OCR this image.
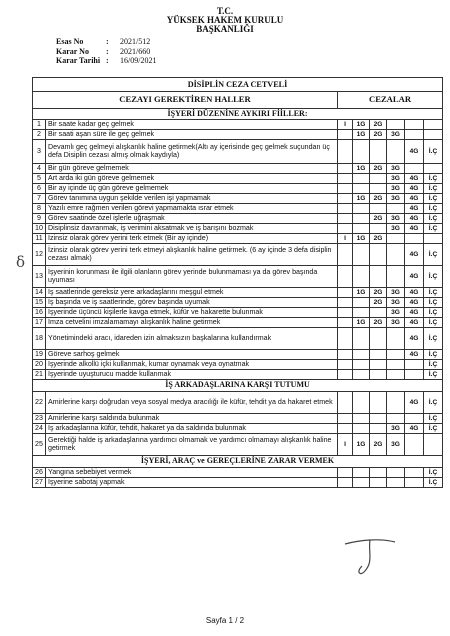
T.C.
YÜKSEK HAKEM KURULU
BAŞKANLIĞI
Esas No	: 2021/512
Karar No : 2021/660
Karar Tarihi : 16/09/2021
DİSİPLİN CEZA CETVELİ							
CEZAYI GEREKTİREN HALLER		CEZALAR					
İŞYERİ DÜZENİNE AYKIRI FİİLLER:							
1	Bir saate kadar geç gelmek	I	1G	2G			
2	Bir saati aşan süre ile geç gelmek		1G	2G	3G		
3	Devamlı geç gelmeyi alışkanlık haline getirmek(Altı ay içerisinde geç gelmek suçundan üç defa Disiplin cezası almış olmak kaydıyla)					4G	İ.Ç
4	Bir gün göreve gelmemek		1G	2G	3G		
5	Art arda iki gün göreve gelmemek				3G	4G	İ.Ç
6	Bir ay içinde üç gün göreve gelmemek				3G	4G	İ.Ç
7	Görev tanımına uygun şekilde verilen işi yapmamak		1G	2G	3G	4G	İ.Ç
8	Yazılı emre rağmen verilen görevi yapmamakta ısrar etmek					4G	İ.Ç
9	Görev saatinde özel işlerle uğraşmak			2G	3G	4G	İ.Ç
10	Disiplinsiz davranmak, iş verimini aksatmak ve iş barışını bozmak				3G	4G	İ.Ç
11	İzinsiz olarak görev yerini terk etmek (Bir ay içinde)	I	1G	2G			
12	İzinsiz olarak görev yerini terk etmeyi alışkanlık haline getirmek. (6 ay içinde 3 defa disiplin cezası almak)					4G	İ.Ç
13	İşyerinin korunması ile ilgili olanların görev yerinde bulunmaması ya da görev başında uyuması					4G	İ.Ç
14	İş saatlerinde gereksiz yere arkadaşlarını meşgul etmek		1G	2G	3G	4G	İ.Ç
15	İş başında ve iş saatlerinde, görev başında uyumak			2G	3G	4G	İ.Ç
16	İşyerinde üçüncü kişilerle kavga etmek, küfür ve hakarette bulunmak				3G	4G	İ.Ç
17	İmza cetvelini imzalamamayı alışkanlık haline getirmek		1G	2G	3G	4G	İ.Ç
18	Yönetimindeki aracı, idareden izin almaksızın başkalarına kullandırmak					4G	İ.Ç
19	Göreve sarhoş gelmek					4G	İ.Ç
20	İşyerinde alkollü içki kullanmak, kumar oynamak veya oynatmak						İ.Ç
21	İşyerinde uyuşturucu madde kullanmak						İ.Ç
İŞ ARKADAŞLARINA KARŞI TUTUMU							
22	Amirlerine karşı doğrudan veya sosyal medya aracılığı ile küfür, tehdit ya da hakaret etmek					4G	İ.Ç
23	Amirlerine karşı saldırıda bulunmak						İ.Ç
24	İş arkadaşlarına küfür, tehdit, hakaret ya da saldırıda bulunmak				3G	4G	İ.Ç
25	Gerektiği halde iş arkadaşlarına yardımcı olmamak ve yardımcı olmamayı alışkanlık haline getirmek	I	1G	2G	3G		
İŞYERİ, ARAÇ ve GEREÇLERİNE ZARAR VERMEK							
26	Yangına sebebiyet vermek						İ.Ç
27	İşyerine sabotaj yapmak						İ.Ç
δ
Sayfa 1 / 2
